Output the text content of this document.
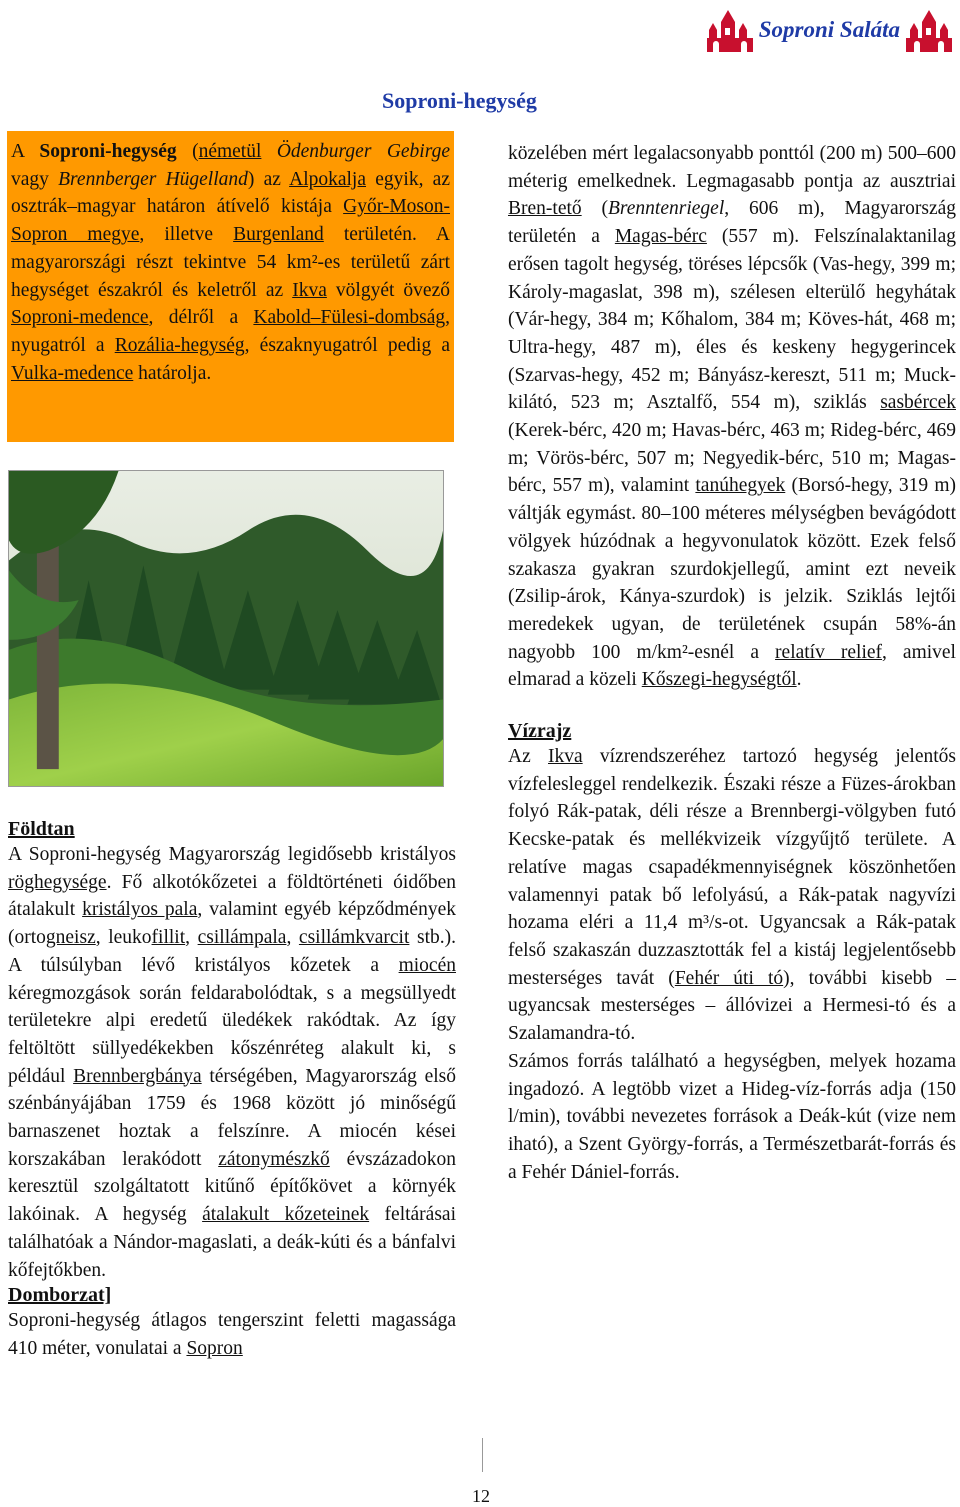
Soproni Saláta
Soproni-hegység

A Soproni-hegység (németül Ödenburger Gebirge vagy Brennberger Hügelland) az Alpokalja egyik, az osztrák–magyar határon átívelő kistája Győr-Moson-Sopron megye, illetve Burgenland területén. A magyarországi részt tekintve 54 km²-es területű zárt hegységet északról és keletről az Ikva völgyét övező Soproni-medence, délről a Kabold–Fülesi-dombság, nyugatról a Rozália-hegység, északnyugatról pedig a Vulka-medence határolja.

Földtan

A Soproni-hegység Magyarország legidősebb kristályos röghegysége. Fő alkotókőzetei a földtörténeti óidőben átalakult kristályos pala, valamint egyéb képződmények (ortogneisz, leukofillit, csillámpala, csillámkvarcit stb.). A túlsúlyban lévő kristályos kőzetek a miocén kéregmozgások során feldarabolódtak, s a megsüllyedt területekre alpi eredetű üledékek rakódtak. Az így feltöltött süllyedékekben kőszénréteg alakult ki, s például Brennbergbánya térségében, Magyarország első szénbányájában 1759 és 1968 között jó minőségű barnaszenet hoztak a felszínre. A miocén kései korszakában lerakódott zátonymészkő évszázadokon keresztül szolgáltatott kitűnő építőkövet a környék lakóinak. A hegység átalakult kőzeteinek feltárásai találhatóak a Nándor-magaslati, a deák-kúti és a bánfalvi kőfejtőkben.

Domborzat]

Soproni-hegység átlagos tengerszint feletti magassága 410 méter, vonulatai a Sopron

közelében mért legalacsonyabb ponttól (200 m) 500–600 méterig emelkednek. Legmagasabb pontja az ausztriai Bren-tető (Brenntenriegel, 606 m), Magyarország területén a Magas-bérc (557 m). Felszínalaktanilag erősen tagolt hegység, töréses lépcsők (Vas-hegy, 399 m; Károly-magaslat, 398 m), szélesen elterülő hegyhátak (Vár-hegy, 384 m; Kőhalom, 384 m; Köves-hát, 468 m; Ultra-hegy, 487 m), éles és keskeny hegygerincek (Szarvas-hegy, 452 m; Bányász-kereszt, 511 m; Muck-kilátó, 523 m; Asztalfő, 554 m), sziklás sasbércek (Kerek-bérc, 420 m; Havas-bérc, 463 m; Rideg-bérc, 469 m; Vörös-bérc, 507 m; Negyedik-bérc, 510 m; Magas-bérc, 557 m), valamint tanúhegyek (Borsó-hegy, 319 m) váltják egymást. 80–100 méteres mélységben bevágódott völgyek húzódnak a hegyvonulatok között. Ezek felső szakasza gyakran szurdokjellegű, amint ezt neveik (Zsilip-árok, Kánya-szurdok) is jelzik. Sziklás lejtői meredekek ugyan, de területének csupán 58%-án nagyobb 100 m/km²-esnél a relatív relief, amivel elmarad a közeli Kőszegi-hegységtől.

Vízrajz

Az Ikva vízrendszeréhez tartozó hegység jelentős vízfelesleggel rendelkezik. Északi része a Füzes-árokban folyó Rák-patak, déli része a Brennbergi-völgyben futó Kecske-patak és mellékvizeik vízgyűjtő területe. A relatíve magas csapadékmennyiségnek köszönhetően valamennyi patak bő lefolyású, a Rák-patak nagyvízi hozama eléri a 11,4 m³/s-ot. Ugyancsak a Rák-patak felső szakaszán duzzasztották fel a kistáj legjelentősebb mesterséges tavát (Fehér úti tó), további kisebb – ugyancsak mesterséges – állóvizei a Hermesi-tó és a Szalamandra-tó.

Számos forrás található a hegységben, melyek hozama ingadozó. A legtöbb vizet a Hideg-víz-forrás adja (150 l/min), további nevezetes források a Deák-kút (vize nem iható), a Szent György-forrás, a Természetbarát-forrás és a Fehér Dániel-forrás.

12
